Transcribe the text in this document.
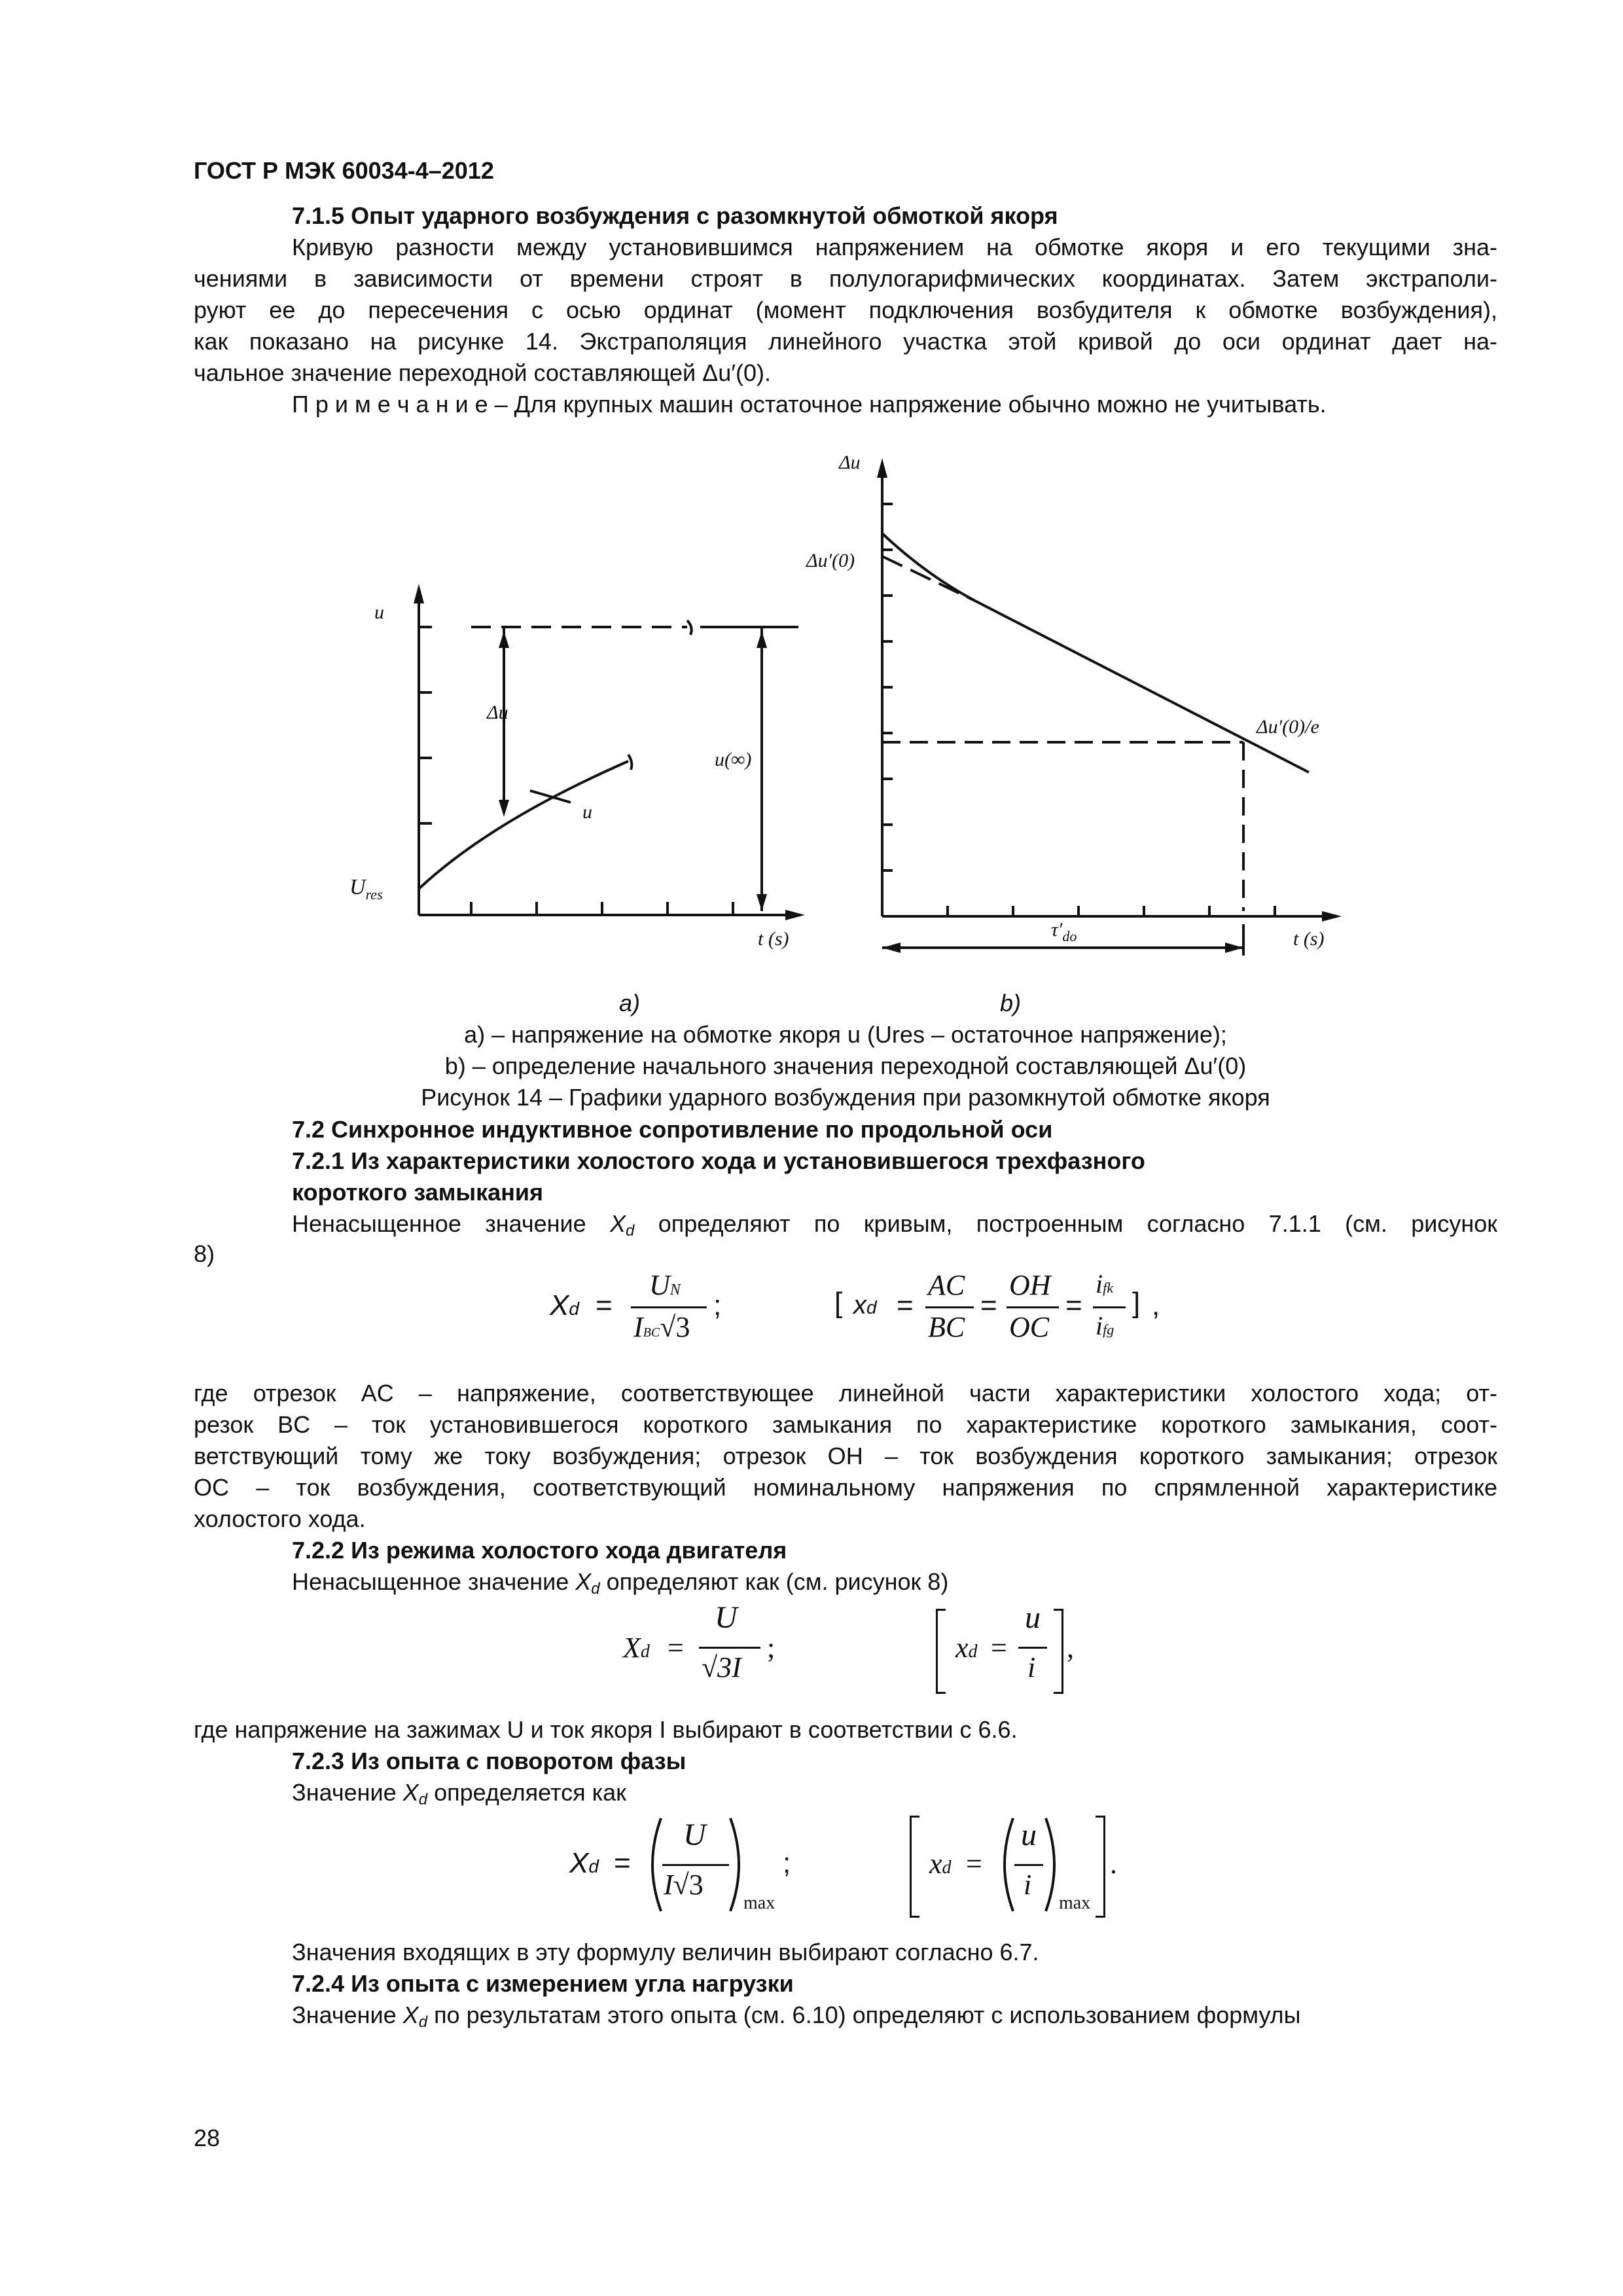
ГОСТ Р МЭК 60034-4–2012
7.1.5 Опыт ударного возбуждения с разомкнутой обмоткой якоря
Кривую разности между установившимся напряжением на обмотке якоря и его текущими зна-
чениями в зависимости от времени строят в полулогарифмических координатах. Затем экстраполи-
руют ее до пересечения с осью ординат (момент подключения возбудителя к обмотке возбуждения),
как показано на рисунке 14. Экстраполяция линейного участка этой кривой до оси ординат дает на-
чальное значение переходной составляющей Δu′(0).
П р и м е ч а н и е – Для крупных машин остаточное напряжение обычно можно не учитывать.
u
Δu
u(∞)
u
$U_{res}$
t (s)
Δu
Δu′(0)
Δu′(0)/e
$\tau'_{do}$	t (s)
a)	b)
a) – напряжение на обмотке якоря u (Ures – остаточное напряжение);
b) – определение начального значения переходной составляющей Δu′(0)
Рисунок 14 – Графики ударного возбуждения при разомкнутой обмотке якоря
7.2 Синхронное индуктивное сопротивление по продольной оси
7.2.1 Из характеристики холостого хода и установившегося трехфазного
короткого замыкания
Ненасыщенное значение $X_d$ определяют по кривым, построенным согласно 7.1.1 (см. рисунок
8)
Xd =
UN
IBC√3
;	[ xd =
AC
BC
=
OH
OC
=
ifk
ifg
] ,
где отрезок AC – напряжение, соответствующее линейной части характеристики холостого хода; от-
резок BC – ток установившегося короткого замыкания по характеристике короткого замыкания, соот-
ветствующий тому же току возбуждения; отрезок OH – ток возбуждения короткого замыкания; отрезок
OC – ток возбуждения, соответствующий номинальному напряжения по спрямленной характеристике
холостого хода.
7.2.2 Из режима холостого хода двигателя
Ненасыщенное значение $X_d$ определяют как (см. рисунок 8)
Xd =
U
√3I
;	xd =
u
i
,
где напряжение на зажимах U и ток якоря I выбирают в соответствии с 6.6.
7.2.3 Из опыта с поворотом фазы
Значение $X_d$ определяется как
Xd =
U
I√3
max
;	xd =
u
i
max
.
Значения входящих в эту формулу величин выбирают согласно 6.7.
7.2.4 Из опыта с измерением угла нагрузки
Значение $X_d$ по результатам этого опыта (см. 6.10) определяют с использованием формулы
28
